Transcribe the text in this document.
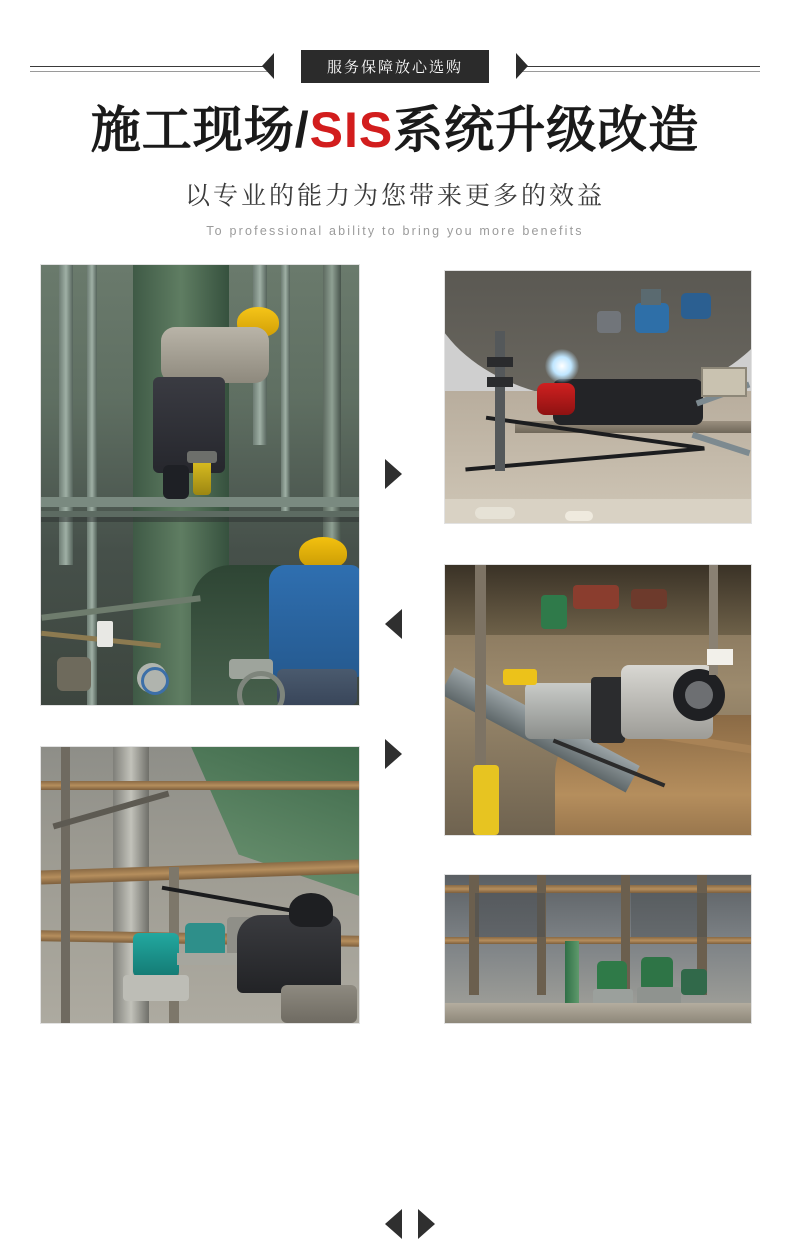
服务保障放心选购
施工现场/SIS系统升级改造
以专业的能力为您带来更多的效益
To professional ability to bring you more benefits
